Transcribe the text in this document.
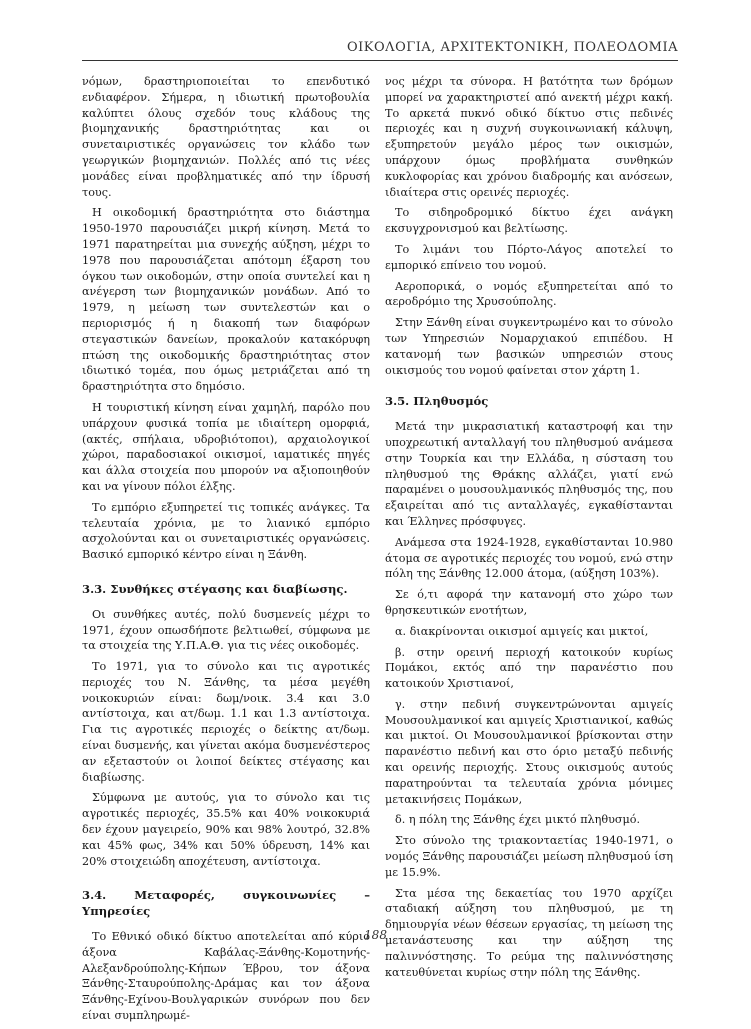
ΟΙΚΟΛΟΓΙΑ, ΑΡΧΙΤΕΚΤΟΝΙΚΗ, ΠΟΛΕΟΔΟΜΙΑ

νόμων, δραστηριοποιείται το επενδυτικό ενδιαφέρον. Σήμερα, η ιδιωτική πρωτοβουλία καλύπτει όλους σχεδόν τους κλάδους της βιομηχανικής δραστηριότητας και οι συνεταιριστικές οργανώσεις τον κλάδο των γεωργικών βιομηχανιών. Πολλές από τις νέες μονάδες είναι προβληματικές από την ίδρυσή τους.

Η οικοδομική δραστηριότητα στο διάστημα 1950-1970 παρουσιάζει μικρή κίνηση. Μετά το 1971 παρατηρείται μια συνεχής αύξηση, μέχρι το 1978 που παρουσιάζεται απότομη έξαρση του όγκου των οικοδομών, στην οποία συντελεί και η ανέγερση των βιομηχανικών μονάδων. Από το 1979, η μείωση των συντελεστών και ο περιορισμός ή η διακοπή των διαφόρων στεγαστικών δανείων, προκαλούν κατακόρυφη πτώση της οικοδομικής δραστηριότητας στον ιδιωτικό τομέα, που όμως μετριάζεται από τη δραστηριότητα στο δημόσιο.

Η τουριστική κίνηση είναι χαμηλή, παρόλο που υπάρχουν φυσικά τοπία με ιδιαίτερη ομορφιά, (ακτές, σπήλαια, υδροβιότοποι), αρχαιολογικοί χώροι, παραδοσιακοί οικισμοί, ιαματικές πηγές και άλλα στοιχεία που μπορούν να αξιοποιηθούν και να γίνουν πόλοι έλξης.

Το εμπόριο εξυπηρετεί τις τοπικές ανάγκες. Τα τελευταία χρόνια, με το λιανικό εμπόριο ασχολούνται και οι συνεταιριστικές οργανώσεις. Βασικό εμπορικό κέντρο είναι η Ξάνθη.

3.3. Συνθήκες στέγασης και διαβίωσης.

Οι συνθήκες αυτές, πολύ δυσμενείς μέχρι το 1971, έχουν οπωσδήποτε βελτιωθεί, σύμφωνα με τα στοιχεία της Υ.Π.Α.Θ. για τις νέες οικοδομές.

Το 1971, για το σύνολο και τις αγροτικές περιοχές του Ν. Ξάνθης, τα μέσα μεγέθη νοικοκυριών είναι: δωμ/νοικ. 3.4 και 3.0 αντίστοιχα, και ατ/δωμ. 1.1 και 1.3 αντίστοιχα. Για τις αγροτικές περιοχές ο δείκτης ατ/δωμ. είναι δυσμενής, και γίνεται ακόμα δυσμενέστερος αν εξεταστούν οι λοιποί δείκτες στέγασης και διαβίωσης.

Σύμφωνα με αυτούς, για το σύνολο και τις αγροτικές περιοχές, 35.5% και 40% νοικοκυριά δεν έχουν μαγειρείο, 90% και 98% λουτρό, 32.8% και 45% φως, 34% και 50% ύδρευση, 14% και 20% στοιχειώδη αποχέτευση, αντίστοιχα.

3.4. Μεταφορές, συγκοινωνίες – Υπηρεσίες

Το Εθνικό οδικό δίκτυο αποτελείται από κύριο άξονα Καβάλας-Ξάνθης-Κομοτηνής-Αλεξανδρούπολης-Κήπων Έβρου, τον άξονα Ξάνθης-Σταυρούπολης-Δράμας και τον άξονα Ξάνθης-Εχίνου-Βουλγαρικών συνόρων που δεν είναι συμπληρωμέ-

νος μέχρι τα σύνορα. Η βατότητα των δρόμων μπορεί να χαρακτηριστεί από ανεκτή μέχρι κακή. Το αρκετά πυκνό οδικό δίκτυο στις πεδινές περιοχές και η συχνή συγκοινωνιακή κάλυψη, εξυπηρετούν μεγάλο μέρος των οικισμών, υπάρχουν όμως προβλήματα συνθηκών κυκλοφορίας και χρόνου διαδρομής και ανόσεων, ιδιαίτερα στις ορεινές περιοχές.

Το σιδηροδρομικό δίκτυο έχει ανάγκη εκσυγχρονισμού και βελτίωσης.

Το λιμάνι του Πόρτο-Λάγος αποτελεί το εμπορικό επίνειο του νομού.

Αεροπορικά, ο νομός εξυπηρετείται από το αεροδρόμιο της Χρυσούπολης.

Στην Ξάνθη είναι συγκεντρωμένο και το σύνολο των Υπηρεσιών Νομαρχιακού επιπέδου. Η κατανομή των βασικών υπηρεσιών στους οικισμούς του νομού φαίνεται στον χάρτη 1.

3.5. Πληθυσμός

Μετά την μικρασιατική καταστροφή και την υποχρεωτική ανταλλαγή του πληθυσμού ανάμεσα στην Τουρκία και την Ελλάδα, η σύσταση του πληθυσμού της Θράκης αλλάζει, γιατί ενώ παραμένει ο μουσουλμανικός πληθυσμός της, που εξαιρείται από τις ανταλλαγές, εγκαθίστανται και Έλληνες πρόσφυγες.

Ανάμεσα στα 1924-1928, εγκαθίστανται 10.980 άτομα σε αγροτικές περιοχές του νομού, ενώ στην πόλη της Ξάνθης 12.000 άτομα, (αύξηση 103%).

Σε ό,τι αφορά την κατανομή στο χώρο των θρησκευτικών ενοτήτων,

α. διακρίνονται οικισμοί αμιγείς και μικτοί,

β. στην ορεινή περιοχή κατοικούν κυρίως Πομάκοι, εκτός από την παρανέστιο που κατοικούν Χριστιανοί,

γ. στην πεδινή συγκεντρώνονται αμιγείς Μουσουλμανικοί και αμιγείς Χριστιανικοί, καθώς και μικτοί. Οι Μουσουλμανικοί βρίσκονται στην παρανέστιο πεδινή και στο όριο μεταξύ πεδινής και ορεινής περιοχής. Στους οικισμούς αυτούς παρατηρούνται τα τελευταία χρόνια μόνιμες μετακινήσεις Πομάκων,

δ. η πόλη της Ξάνθης έχει μικτό πληθυσμό.

Στο σύνολο της τριακονταετίας 1940-1971, ο νομός Ξάνθης παρουσιάζει μείωση πληθυσμού ίση με 15.9%.

Στα μέσα της δεκαετίας του 1970 αρχίζει σταδιακή αύξηση του πληθυσμού, με τη δημιουργία νέων θέσεων εργασίας, τη μείωση της μετανάστευσης και την αύξηση της παλιννόστησης. Το ρεύμα της παλιννόστησης κατευθύνεται κυρίως στην πόλη της Ξάνθης.

188
